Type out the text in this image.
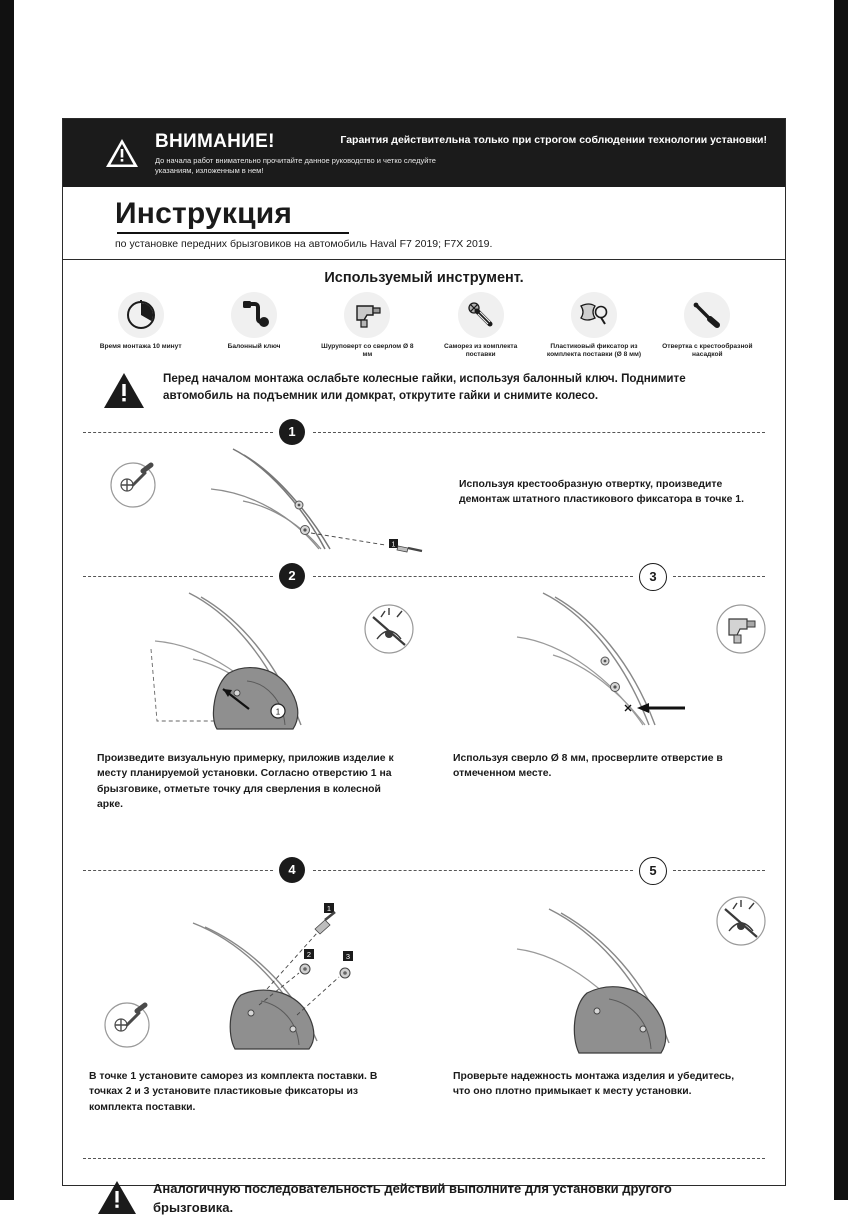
ВНИМАНИЕ!
До начала работ внимательно прочитайте данное руководство и четко следуйте указаниям, изложенным в нем!
Гарантия действительна только при строгом соблюдении технологии установки!
Инструкция
по установке передних брызговиков на автомобиль Haval F7 2019; F7X 2019.
Используемый инструмент.
Время монтажа 10 минут	Балонный ключ	Шуруповерт со сверлом Ø 8 мм
Саморез из комплекта поставки
Пластиковый фиксатор из комплекта поставки (Ø 8 мм)
Отвертка с крестообразной насадкой
Перед началом монтажа ослабьте колесные гайки, используя балонный ключ. Поднимите автомобиль на подъемник или домкрат, открутите гайки и снимите колесо.
1
1
Используя крестообразную отвертку, произведите демонтаж штатного пластикового фиксатора в точке 1.
2	3
1
Произведите визуальную примерку, приложив изделие к месту планируемой установки. Согласно отверстию 1 на брызговике, отметьте точку для сверления в колесной арке.
Используя сверло Ø 8 мм, просверлите отверстие в отмеченном месте.
4	5
1
2	3
В точке 1 установите саморез из комплекта поставки. В точках 2 и 3 установите пластиковые фиксаторы из комплекта поставки.
Проверьте надежность монтажа изделия и убедитесь, что оно плотно примыкает к месту установки.
Аналогичную последовательность действий выполните для установки другого брызговика.
